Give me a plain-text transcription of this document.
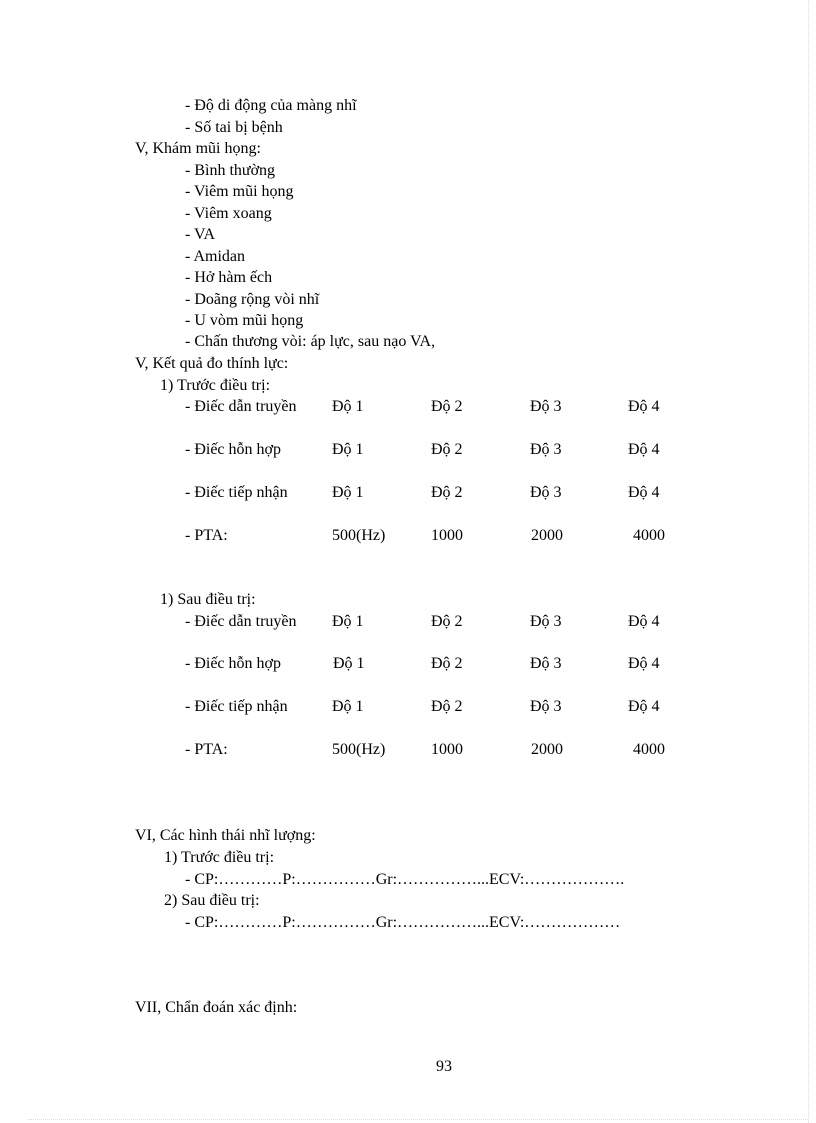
- Độ di động của màng nhĩ
- Số tai bị bệnh
V, Khám mũi họng:
- Bình thường
- Viêm mũi họng
- Viêm xoang
- VA
- Amidan
- Hở hàm ếch
- Doãng rộng vòi nhĩ
- U vòm mũi họng
- Chấn thương vòi: áp lực, sau nạo VA,
V, Kết quả đo thính lực:
1) Trước điều trị:
- Điếc dẫn truyền Độ 1	Độ 2	Độ 3	Độ 4
- Điếc hỗn hợp	Độ 1	Độ 2	Độ 3	Độ 4
- Điếc tiếp nhận	Độ 1	Độ 2	Độ 3	Độ 4
- PTA:	500(Hz)	1000	2000	4000
1) Sau điều trị:
- Điếc dẫn truyền Độ 1	Độ 2	Độ 3	Độ 4
- Điếc hỗn hợp	Độ 1	Độ 2	Độ 3	Độ 4
- Điếc tiếp nhận	Độ 1	Độ 2	Độ 3	Độ 4
- PTA:	500(Hz)	1000	2000	4000
VI, Các hình thái nhĩ lượng:
1) Trước điều trị:
- CP:…………P:……………Gr:……………...ECV:……………….
2) Sau điều trị:
- CP:…………P:……………Gr:……………...ECV:………………
VII, Chẩn đoán xác định:
93
